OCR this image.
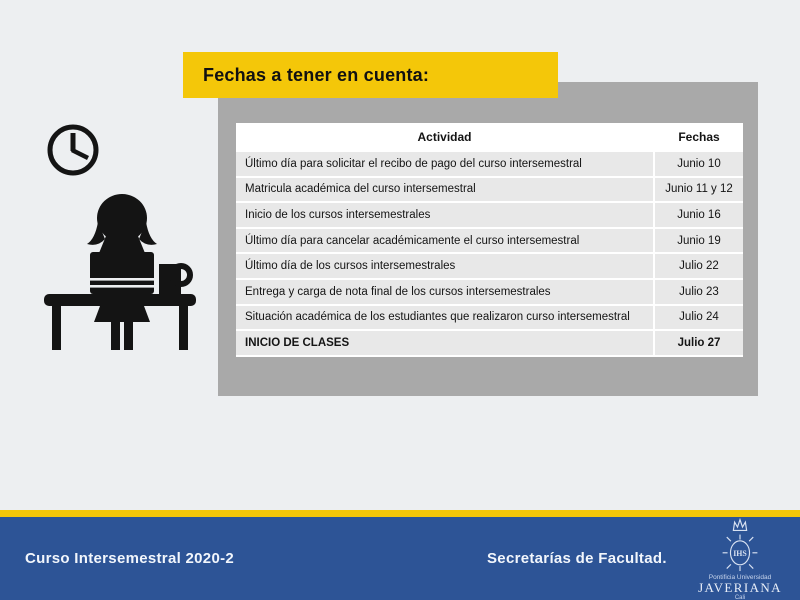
Fechas a tener en cuenta:
Actividad	Fechas
Último día para solicitar el recibo de pago del curso intersemestral	Junio 10
Matricula académica del curso intersemestral	Junio 11 y 12
Inicio de los cursos intersemestrales	Junio 16
Último día para cancelar académicamente el curso intersemestral	Junio 19
Último día de los cursos intersemestrales	Julio 22
Entrega y carga de nota final de los cursos intersemestrales	Julio 23
Situación académica de los estudiantes que realizaron curso intersemestral	Julio 24
INICIO DE CLASES	Julio 27
Curso Intersemestral 2020-2	Secretarías de Facultad.	IHS
Pontificia Universidad
JAVERIANA
Cali
